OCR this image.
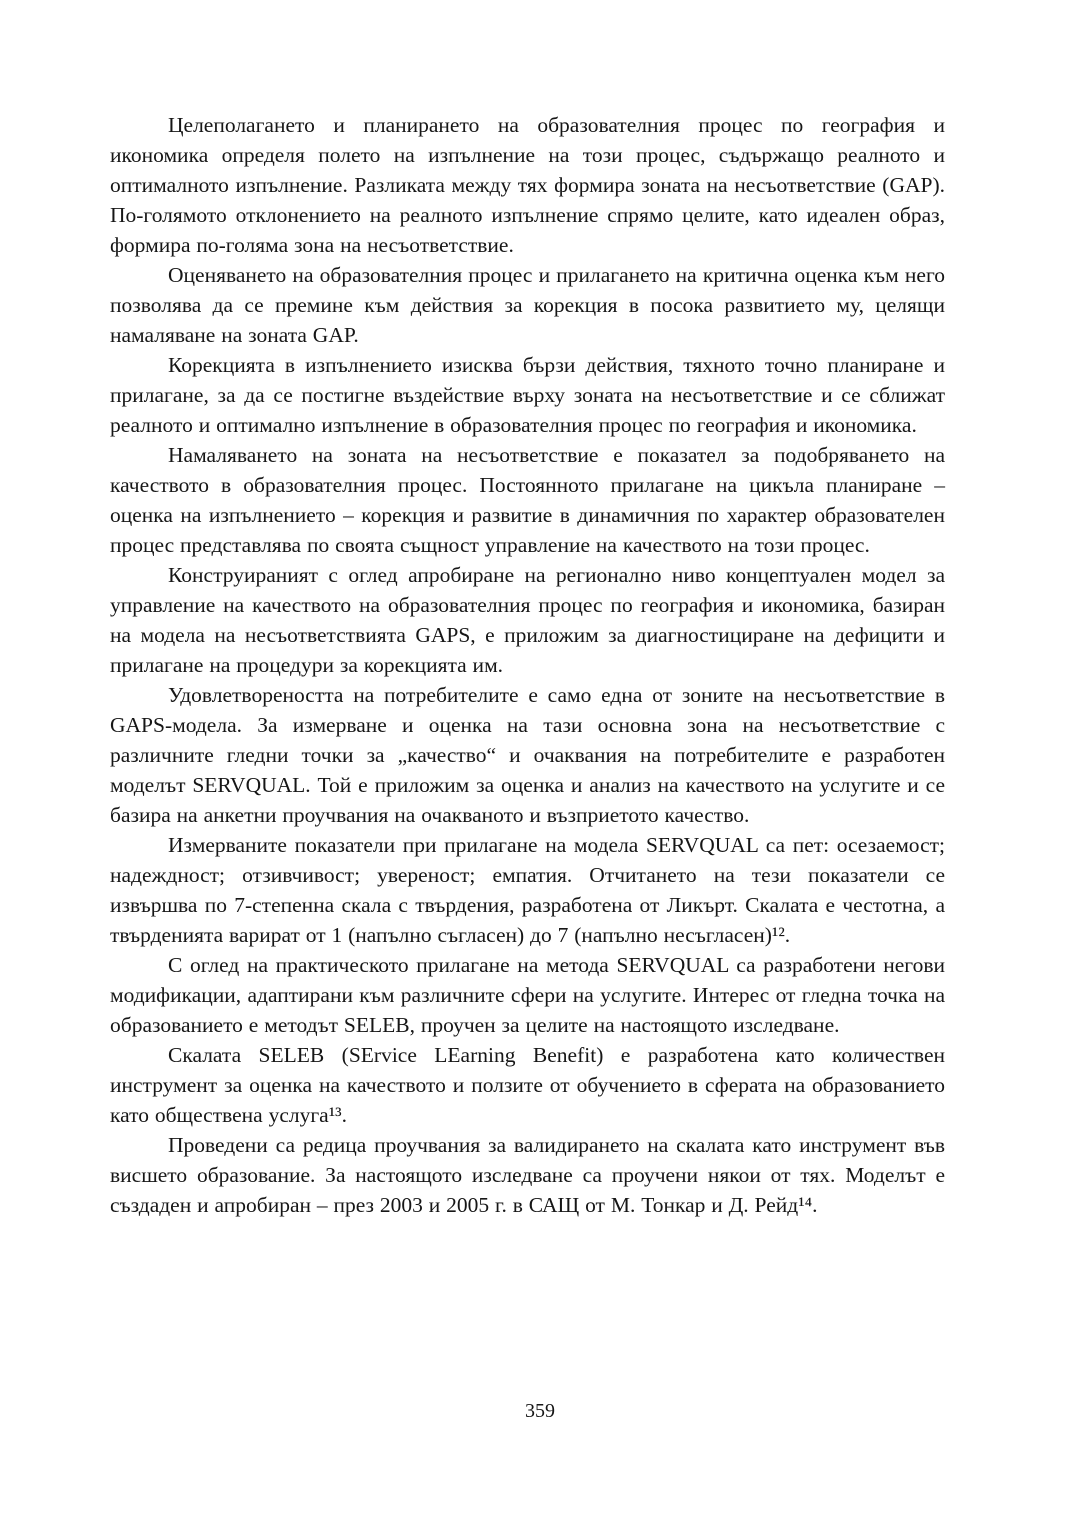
Целеполагането и планирането на образователния процес по география и икономика определя полето на изпълнение на този процес, съдържащо реалното и оптималното изпълнение. Разликата между тях формира зоната на несъответствие (GAP). По-голямото отклонението на реалното изпълнение спрямо целите, като идеален образ, формира по-голяма зона на несъответствие.

Оценяването на образователния процес и прилагането на критична оценка към него позволява да се премине към действия за корекция в посока развитието му, целящи намаляване на зоната GAP.

Корекцията в изпълнението изисква бързи действия, тяхното точно планиране и прилагане, за да се постигне въздействие върху зоната на несъответствие и се сближат реалното и оптимално изпълнение в образователния процес по география и икономика.

Намаляването на зоната на несъответствие е показател за подобряването на качеството в образователния процес. Постоянното прилагане на цикъла планиране – оценка на изпълнението – корекция и развитие в динамичния по характер образователен процес представлява по своята същност управление на качеството на този процес.

Конструираният с оглед апробиране на регионално ниво концептуален модел за управление на качеството на образователния процес по география и икономика, базиран на модела на несъответствията GAPS, е приложим за диагностициране на дефицити и прилагане на процедури за корекцията им.

Удовлетвореността на потребителите е само една от зоните на несъответствие в GAPS-модела. За измерване и оценка на тази основна зона на несъответствие с различните гледни точки за „качество“ и очаквания на потребителите е разработен моделът SERVQUAL. Той е приложим за оценка и анализ на качеството на услугите и се базира на анкетни проучвания на очакваното и възприетото качество.

Измерваните показатели при прилагане на модела SERVQUAL са пет: осезаемост; надеждност; отзивчивост; увереност; емпатия. Отчитането на тези показатели се извършва по 7-степенна скала с твърдения, разработена от Ликърт. Скалата е честотна, а твърденията варират от 1 (напълно съгласен) до 7 (напълно несъгласен)¹².

С оглед на практическото прилагане на метода SERVQUAL са разработени негови модификации, адаптирани към различните сфери на услугите. Интерес от гледна точка на образованието е методът SELEB, проучен за целите на настоящото изследване.

Скалата SELEB (SErvice LEarning Benefit) е разработена като количествен инструмент за оценка на качеството и ползите от обучението в сферата на образованието като обществена услуга¹³.

Проведени са редица проучвания за валидирането на скалата като инструмент във висшето образование. За настоящото изследване са проучени някои от тях. Моделът е създаден и апробиран – през 2003 и 2005 г. в САЩ от М. Тонкар и Д. Рейд¹⁴.

359
